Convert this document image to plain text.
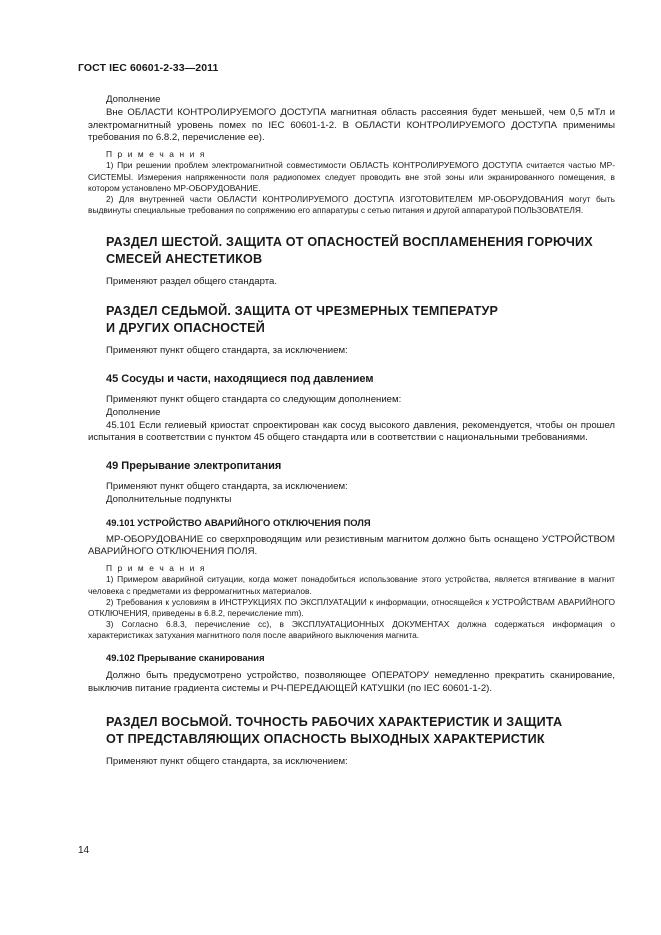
ГОСТ IEC 60601-2-33—2011

Дополнение

Вне ОБЛАСТИ КОНТРОЛИРУЕМОГО ДОСТУПА магнитная область рассеяния будет меньшей, чем 0,5 мТл и электромагнитный уровень помех по IEC 60601-1-2. В ОБЛАСТИ КОНТРОЛИРУЕМОГО ДОСТУПА применимы требования по 6.8.2, перечисление ее).

П р и м е ч а н и я

1) При решении проблем электромагнитной совместимости ОБЛАСТЬ КОНТРОЛИРУЕМОГО ДОСТУПА считается частью МР-СИСТЕМЫ. Измерения напряженности поля радиопомех следует проводить вне этой зоны или экранированного помещения, в котором установлено МР-ОБОРУДОВАНИЕ.

2) Для внутренней части ОБЛАСТИ КОНТРОЛИРУЕМОГО ДОСТУПА ИЗГОТОВИТЕЛЕМ МР-ОБОРУДОВАНИЯ могут быть выдвинуты специальные требования по сопряжению его аппаратуры с сетью питания и другой аппаратурой ПОЛЬЗОВАТЕЛЯ.

РАЗДЕЛ ШЕСТОЙ. ЗАЩИТА ОТ ОПАСНОСТЕЙ ВОСПЛАМЕНЕНИЯ ГОРЮЧИХ СМЕСЕЙ АНЕСТЕТИКОВ

Применяют раздел общего стандарта.

РАЗДЕЛ СЕДЬМОЙ. ЗАЩИТА ОТ ЧРЕЗМЕРНЫХ ТЕМПЕРАТУР
И ДРУГИХ ОПАСНОСТЕЙ

Применяют пункт общего стандарта, за исключением:

45 Сосуды и части, находящиеся под давлением

Применяют пункт общего стандарта со следующим дополнением:

Дополнение

45.101 Если гелиевый криостат спроектирован как сосуд высокого давления, рекомендуется, чтобы он прошел испытания в соответствии с пунктом 45 общего стандарта или в соответствии с национальными требованиями.

49 Прерывание электропитания

Применяют пункт общего стандарта, за исключением:

Дополнительные подпункты

49.101 УСТРОЙСТВО АВАРИЙНОГО ОТКЛЮЧЕНИЯ ПОЛЯ

МР-ОБОРУДОВАНИЕ со сверхпроводящим или резистивным магнитом должно быть оснащено УСТРОЙСТВОМ АВАРИЙНОГО ОТКЛЮЧЕНИЯ ПОЛЯ.

П р и м е ч а н и я

1) Примером аварийной ситуации, когда может понадобиться использование этого устройства, является втягивание в магнит человека с предметами из ферромагнитных материалов.

2) Требования к условиям в ИНСТРУКЦИЯХ ПО ЭКСПЛУАТАЦИИ к информации, относящейся к УСТРОЙСТВАМ АВАРИЙНОГО ОТКЛЮЧЕНИЯ, приведены в 6.8.2, перечисление mm).

3) Согласно 6.8.3, перечисление cc), в ЭКСПЛУАТАЦИОННЫХ ДОКУМЕНТАХ должна содержаться информация о характеристиках затухания магнитного поля после аварийного выключения магнита.

49.102 Прерывание сканирования

Должно быть предусмотрено устройство, позволяющее ОПЕРАТОРУ немедленно прекратить сканирование, выключив питание градиента системы и РЧ-ПЕРЕДАЮЩЕЙ КАТУШКИ (по IEC 60601-1-2).

РАЗДЕЛ ВОСЬМОЙ. ТОЧНОСТЬ РАБОЧИХ ХАРАКТЕРИСТИК И ЗАЩИТА
ОТ ПРЕДСТАВЛЯЮЩИХ ОПАСНОСТЬ ВЫХОДНЫХ ХАРАКТЕРИСТИК

Применяют пункт общего стандарта, за исключением:

14
